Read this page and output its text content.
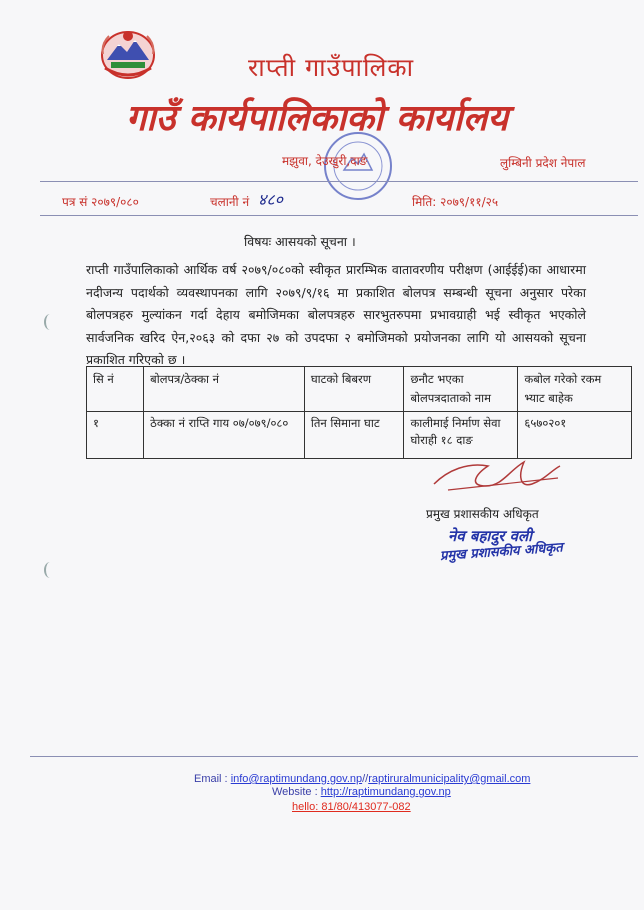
राप्ती गाउँपालिका
गाउँ कार्यपालिकाको कार्यालय
मझुवा, देउखुरी,दाङ	लुम्बिनी प्रदेश नेपाल
पत्र सं २०७९/०८०	चलानी नं ४८०	मिति: २०७९/११/२५
विषयः आसयको सूचना ।
राप्ती गाउँपालिकाको आर्थिक वर्ष २०७९/०८०को स्वीकृत प्रारम्भिक वातावरणीय परीक्षण (आईईई)का आधारमा नदीजन्य पदार्थको व्यवस्थापनका लागि २०७९/९/१६ मा प्रकाशित बोलपत्र सम्बन्धी सूचना अनुसार परेका बोलपत्रहरु मुल्यांकन गर्दा देहाय बमोजिमका बोलपत्रहरु सारभुतरुपमा प्रभावग्राही भई स्वीकृत भएकोले सार्वजनिक खरिद ऐन,२०६३ को दफा २७ को उपदफा २ बमोजिमको प्रयोजनका लागि यो आसयको सूचना प्रकाशित गरिएको छ ।
सि नं	बोलपत्र/ठेक्का नं	घाटको बिबरण	छनौट भएका बोलपत्रदाताको नाम	कबोल गरेको रकम भ्याट बाहेक
१	ठेक्का नं राप्ति गाय ०७/०७९/०८०	तिन सिमाना घाट	कालीमाई निर्माण सेवा घोराही १८ दाङ	६५७०२०१
प्रमुख प्रशासकीय अधिकृत
नेव बहादुर वली
प्रमुख प्रशासकीय अधिकृत
Email : info@raptimundang.gov.np//raptiruralmunicipality@gmail.com
Website : http://raptimundang.gov.np
hello: 81/80/413077-082
